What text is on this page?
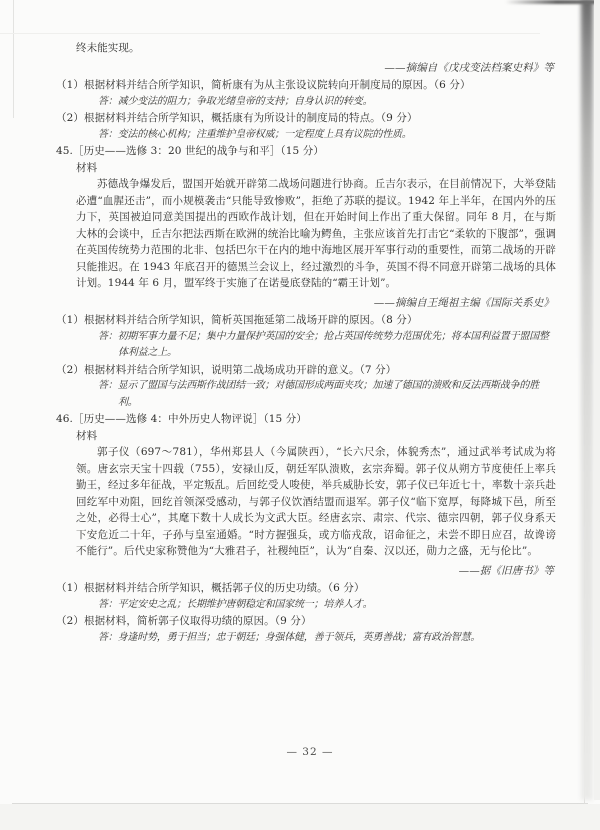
终未能实现。
——摘编自《戊戌变法档案史料》等
（1）根据材料并结合所学知识，简析康有为从主张设议院转向开制度局的原因。（6 分）
答：减少变法的阻力；争取光绪皇帝的支持；自身认识的转变。
（2）根据材料并结合所学知识，概括康有为所设计的制度局的特点。（9 分）
答：变法的核心机构；注重维护皇帝权威；一定程度上具有议院的性质。
45.［历史——选修 3：20 世纪的战争与和平］（15 分）
材料
苏德战争爆发后，盟国开始就开辟第二战场问题进行协商。丘吉尔表示，在目前情况下，大举登陆必遭“血腥还击”，而小规模袭击“只能导致惨败”，拒绝了苏联的提议。1942 年上半年，在国内外的压力下，英国被迫同意美国提出的西欧作战计划，但在开始时间上作出了重大保留。同年 8 月，在与斯大林的会谈中，丘吉尔把法西斯在欧洲的统治比喻为鳄鱼，主张应该首先打击它“柔软的下腹部”，强调在英国传统势力范围的北非、包括巴尔干在内的地中海地区展开军事行动的重要性，而第二战场的开辟只能推迟。在 1943 年底召开的德黑兰会议上，经过激烈的斗争，英国不得不同意开辟第二战场的具体计划。1944 年 6 月，盟军终于实施了在诺曼底登陆的“霸王计划”。
——摘编自王绳祖主编《国际关系史》
（1）根据材料并结合所学知识，简析英国拖延第二战场开辟的原因。（8 分）
答：初期军事力量不足；集中力量保护英国的安全；抢占英国传统势力范围优先；将本国利益置于盟国整体利益之上。
（2）根据材料并结合所学知识，说明第二战场成功开辟的意义。（7 分）
答：显示了盟国与法西斯作战团结一致；对德国形成两面夹攻；加速了德国的溃败和反法西斯战争的胜利。
46.［历史——选修 4：中外历史人物评说］（15 分）
材料
郭子仪（697～781），华州郑县人（今属陕西），“长六尺余，体貌秀杰”，通过武举考试成为将领。唐玄宗天宝十四载（755），安禄山反，朝廷军队溃败，玄宗奔蜀。郭子仪从朔方节度使任上率兵勤王，经过多年征战，平定叛乱。后回纥受人唆使，举兵威胁长安，郭子仪已年近七十，率数十亲兵赴回纥军中劝阻，回纥首领深受感动，与郭子仪饮酒结盟而退军。郭子仪“临下宽厚，每降城下邑，所至之处，必得士心”，其麾下数十人成长为文武大臣。经唐玄宗、肃宗、代宗、德宗四朝，郭子仪身系天下安危近二十年，子孙与皇室通婚。“时方握强兵，或方临戎敌，诏命征之，未尝不即日应召，故谗谤不能行”。后代史家称赞他为“大雅君子，社稷纯臣”，认为“自秦、汉以还，勋力之盛，无与伦比”。
——据《旧唐书》等
（1）根据材料并结合所学知识，概括郭子仪的历史功绩。（6 分）
答：平定安史之乱；长期维护唐朝稳定和国家统一；培养人才。
（2）根据材料，简析郭子仪取得功绩的原因。（9 分）
答：身逢时势，勇于担当；忠于朝廷；身强体健，善于领兵，英勇善战；富有政治智慧。
— 32 —
